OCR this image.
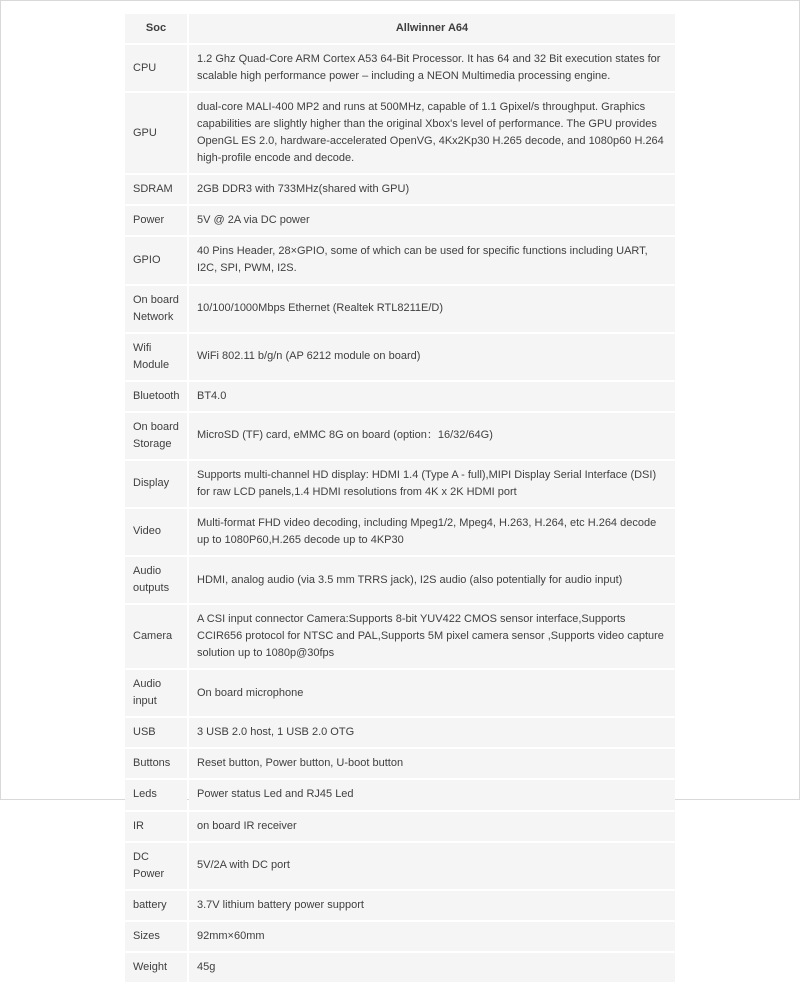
Soc	Allwinner A64
CPU	1.2 Ghz Quad-Core ARM Cortex A53 64-Bit Processor. It has 64 and 32 Bit execution states for scalable high performance power – including a NEON Multimedia processing engine.
GPU	dual-core MALI-400 MP2 and runs at 500MHz, capable of 1.1 Gpixel/s throughput. Graphics capabilities are slightly higher than the original Xbox's level of performance. The GPU provides OpenGL ES 2.0, hardware-accelerated OpenVG, 4Kx2Kp30 H.265 decode, and 1080p60 H.264 high-profile encode and decode.
SDRAM	2GB DDR3 with 733MHz(shared with GPU)
Power	5V @ 2A via DC power
GPIO	40 Pins Header, 28×GPIO, some of which can be used for specific functions including UART, I2C, SPI, PWM, I2S.
On board Network	10/100/1000Mbps Ethernet (Realtek RTL8211E/D)
Wifi Module	WiFi 802.11 b/g/n (AP 6212 module on board)
Bluetooth	BT4.0
On board Storage	MicroSD (TF) card, eMMC 8G on board (option：16/32/64G)
Display	Supports multi-channel HD display: HDMI 1.4 (Type A - full),MIPI Display Serial Interface (DSI) for raw LCD panels,1.4 HDMI resolutions from 4K x 2K HDMI port
Video	Multi-format FHD video decoding, including Mpeg1/2, Mpeg4, H.263, H.264, etc H.264 decode up to 1080P60,H.265 decode up to 4KP30
Audio outputs	HDMI, analog audio (via 3.5 mm TRRS jack), I2S audio (also potentially for audio input)
Camera	A CSI input connector Camera:Supports 8-bit YUV422 CMOS sensor interface,Supports CCIR656 protocol for NTSC and PAL,Supports 5M pixel camera sensor ,Supports video capture solution up to 1080p@30fps
Audio input	On board microphone
USB	3 USB 2.0 host, 1 USB 2.0 OTG
Buttons	Reset button, Power button, U-boot button
Leds	Power status Led and RJ45 Led
IR	on board IR receiver
DC Power	5V/2A with DC port
battery	3.7V lithium battery power support
Sizes	92mm×60mm
Weight	45g
